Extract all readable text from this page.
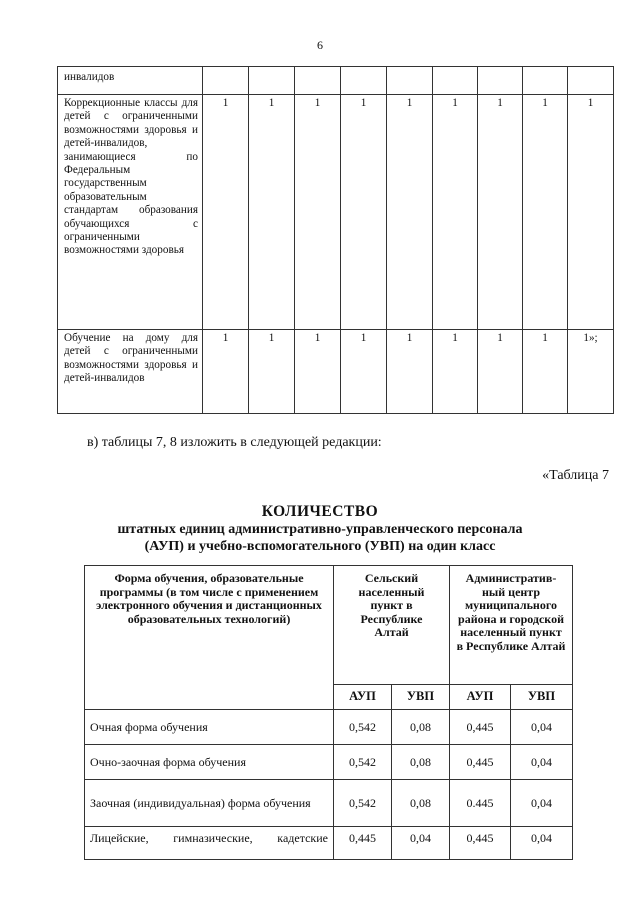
6
инвалидов									
Коррекционные классы для детей с ограниченными возможностями здоровья и детей-инвалидов, занимающиеся по Федеральным государственным образовательным стандартам образования обучающихся с ограниченными возможностями здоровья	1	1	1	1	1	1	1	1	1
Обучение на дому для детей с ограниченными возможностями здоровья и детей-инвалидов	1	1	1	1	1	1	1	1	1»;
в) таблицы 7, 8 изложить в следующей редакции:
«Таблица 7
КОЛИЧЕСТВО
штатных единиц административно-управленческого персонала
(АУП) и учебно-вспомогательного (УВП) на один класс
Форма обучения, образовательные программы (в том числе с применением электронного обучения и дистанционных образовательных технологий)	Сельский населенный пункт в Республике Алтай		Административ-ный центр муниципального района и городской населенный пункт в Республике Алтай	
	АУП	УВП	АУП	УВП
Очная форма обучения	0,542	0,08	0,445	0,04
Очно-заочная форма обучения	0,542	0,08	0,445	0,04
Заочная (индивидуальная) форма обучения	0,542	0,08	0.445	0,04

Лицейские, гимназические, кадетские	0,445	0,04	0,445	0,04
